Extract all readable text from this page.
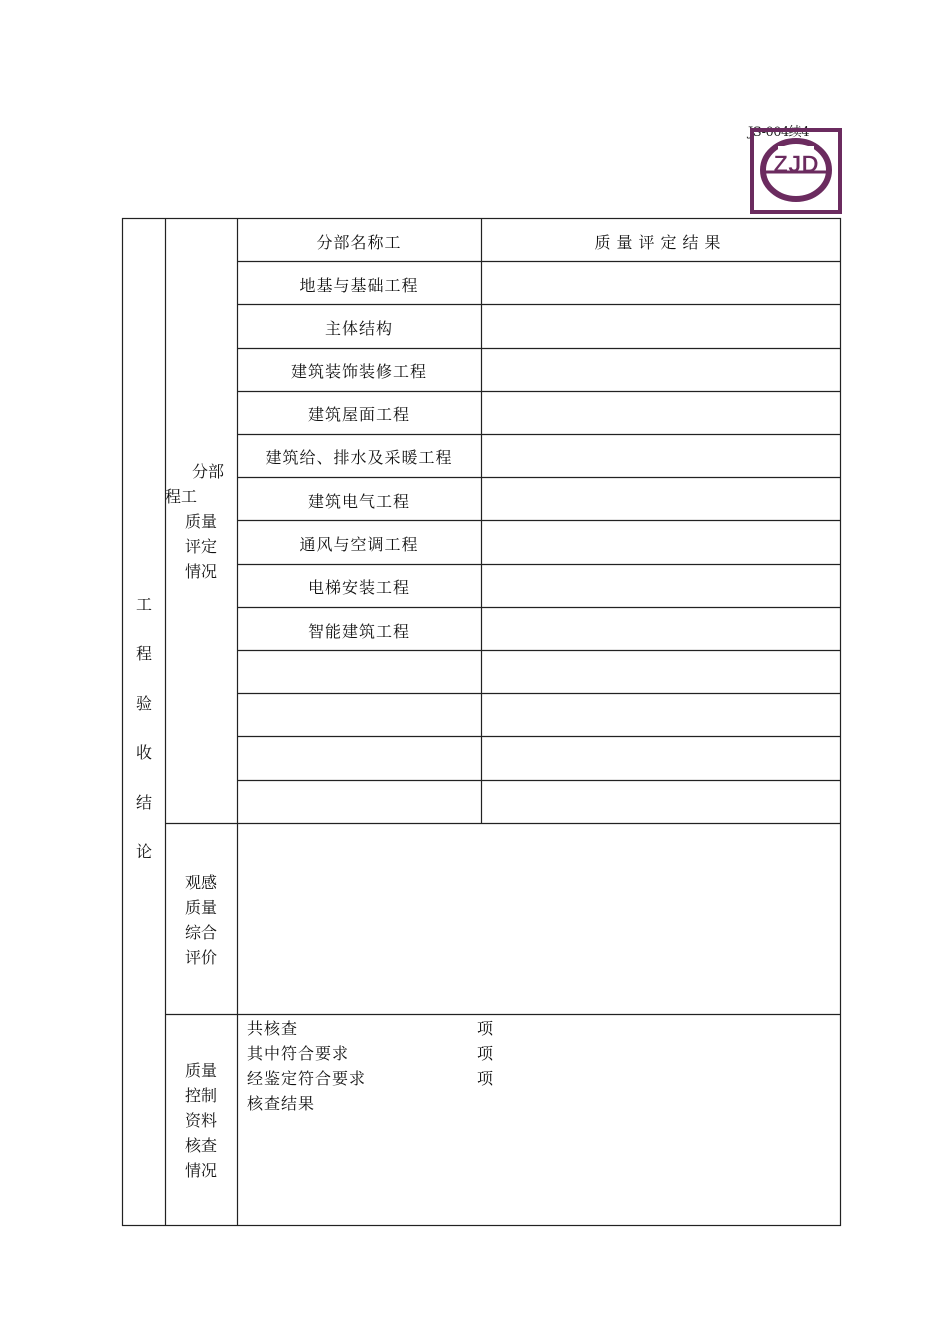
JS-004续4
ZJD
工
程
验
收
结
论
分部
程工
质量
评定
情况
分部名称工	质量评定结果
地基与基础工程
主体结构
建筑装饰装修工程
建筑屋面工程
建筑给、排水及采暖工程
建筑电气工程
通风与空调工程
电梯安装工程
智能建筑工程
观感
质量
综合
评价
质量
控制
资料
核查
情况
共核查	项
其中符合要求	项
经鉴定符合要求	项
核查结果
